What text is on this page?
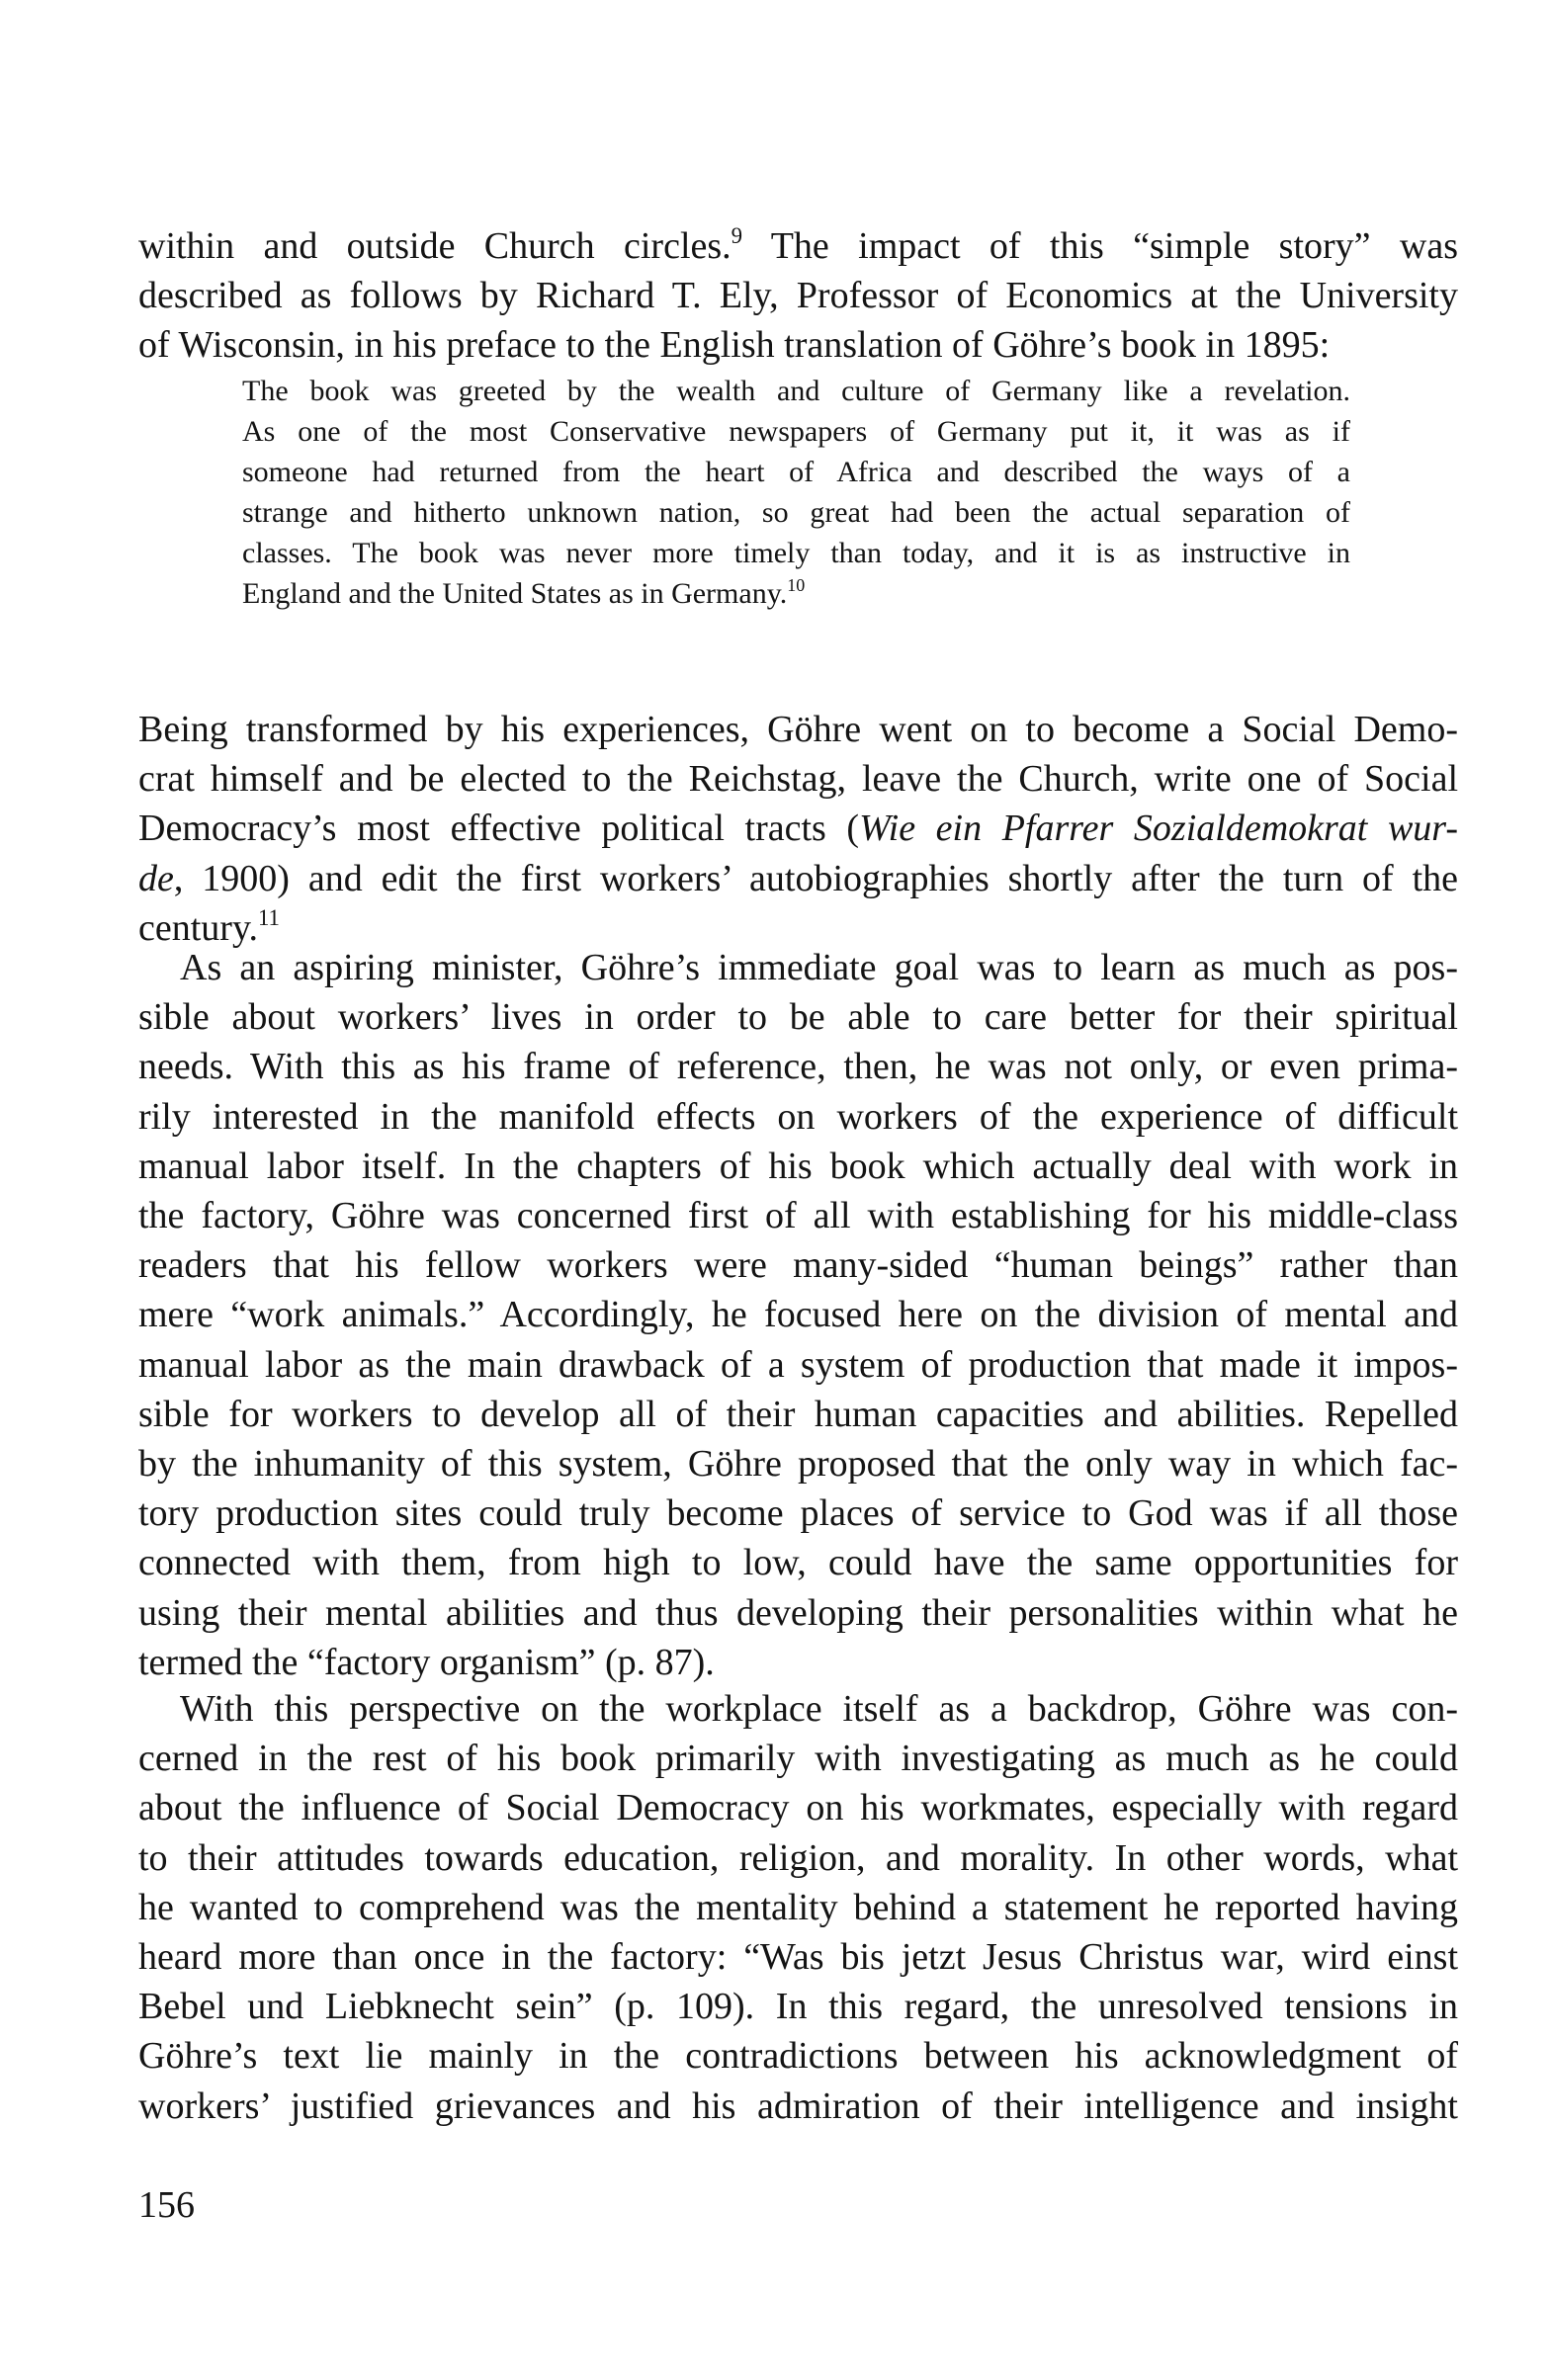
within and outside Church circles.$^9$ The impact of this “simple story” was
described as follows by Richard T. Ely, Professor of Economics at the University
of Wisconsin, in his preface to the English translation of Göhre’s book in 1895:
The book was greeted by the wealth and culture of Germany like a revelation.
As one of the most Conservative newspapers of Germany put it, it was as if
someone had returned from the heart of Africa and described the ways of a
strange and hitherto unknown nation, so great had been the actual separation of
classes. The book was never more timely than today, and it is as instructive in
England and the United States as in Germany.$^{10}$
Being transformed by his experiences, Göhre went on to become a Social Demo-
crat himself and be elected to the Reichstag, leave the Church, write one of Social
Democracy’s most effective political tracts (Wie ein Pfarrer Sozialdemokrat wur-
de, 1900) and edit the first workers’ autobiographies shortly after the turn of the
century.$^{11}$
As an aspiring minister, Göhre’s immediate goal was to learn as much as pos-
sible about workers’ lives in order to be able to care better for their spiritual
needs. With this as his frame of reference, then, he was not only, or even prima-
rily interested in the manifold effects on workers of the experience of difficult
manual labor itself. In the chapters of his book which actually deal with work in
the factory, Göhre was concerned first of all with establishing for his middle-class
readers that his fellow workers were many-sided “human beings” rather than
mere “work animals.” Accordingly, he focused here on the division of mental and
manual labor as the main drawback of a system of production that made it impos-
sible for workers to develop all of their human capacities and abilities. Repelled
by the inhumanity of this system, Göhre proposed that the only way in which fac-
tory production sites could truly become places of service to God was if all those
connected with them, from high to low, could have the same opportunities for
using their mental abilities and thus developing their personalities within what he
termed the “factory organism” (p. 87).
With this perspective on the workplace itself as a backdrop, Göhre was con-
cerned in the rest of his book primarily with investigating as much as he could
about the influence of Social Democracy on his workmates, especially with regard
to their attitudes towards education, religion, and morality. In other words, what
he wanted to comprehend was the mentality behind a statement he reported having
heard more than once in the factory: “Was bis jetzt Jesus Christus war, wird einst
Bebel und Liebknecht sein” (p. 109). In this regard, the unresolved tensions in
Göhre’s text lie mainly in the contradictions between his acknowledgment of
workers’ justified grievances and his admiration of their intelligence and insight
156
